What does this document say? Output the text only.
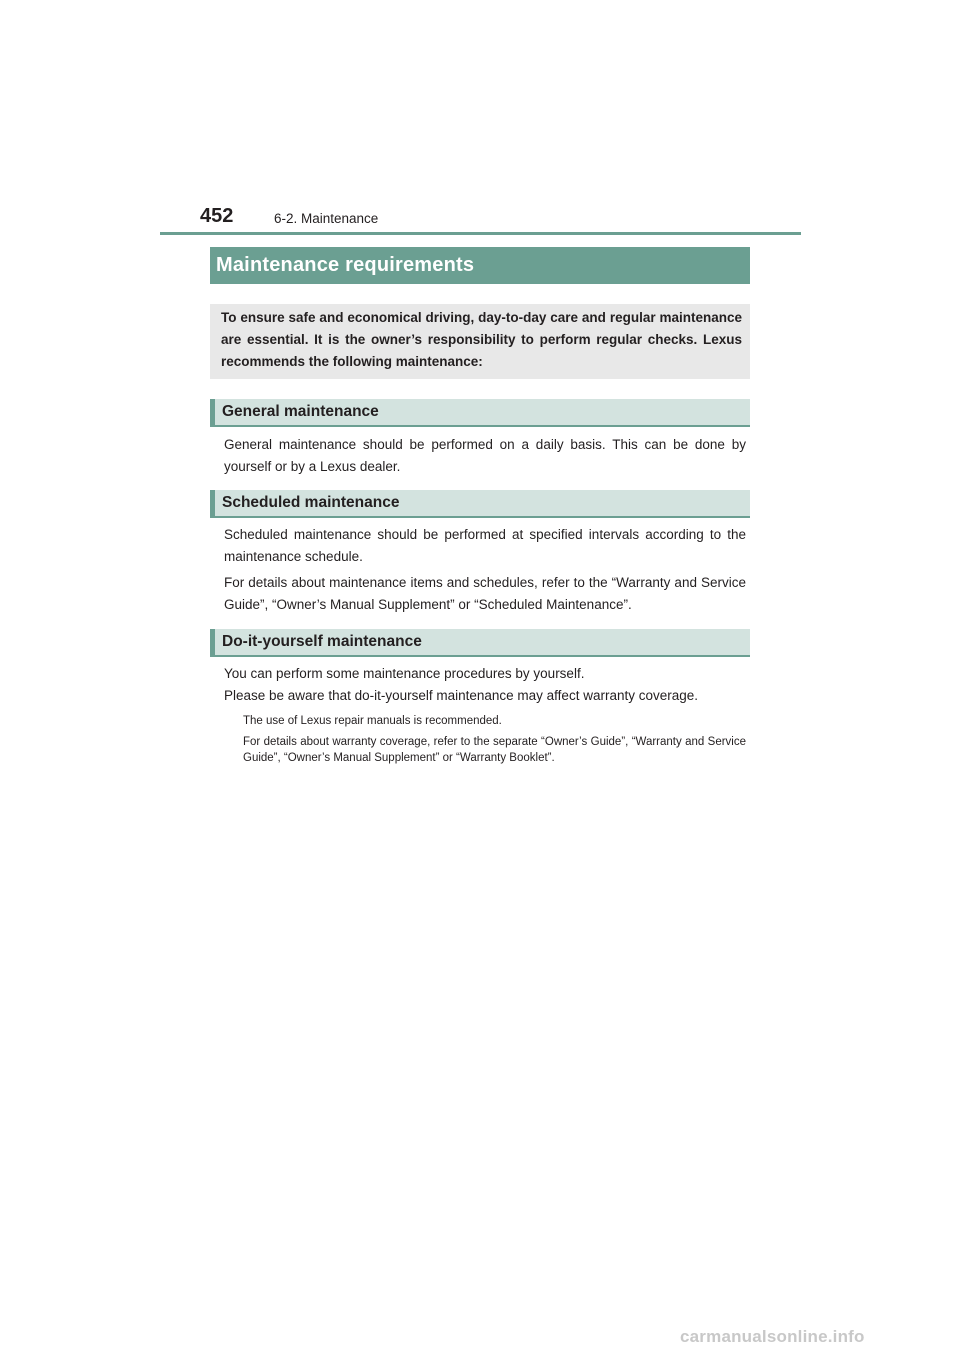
452	6-2. Maintenance
Maintenance requirements

To ensure safe and economical driving, day-to-day care and regular maintenance are essential. It is the owner’s responsibility to perform regular checks. Lexus recommends the following maintenance:

General maintenance

General maintenance should be performed on a daily basis. This can be done by yourself or by a Lexus dealer.

Scheduled maintenance

Scheduled maintenance should be performed at specified intervals according to the maintenance schedule.

For details about maintenance items and schedules, refer to the “Warranty and Service Guide”, “Owner’s Manual Supplement” or “Scheduled Maintenance”.

Do-it-yourself maintenance

You can perform some maintenance procedures by yourself.

Please be aware that do-it-yourself maintenance may affect warranty coverage.

The use of Lexus repair manuals is recommended.

For details about warranty coverage, refer to the separate “Owner’s Guide”, “Warranty and Service Guide”, “Owner’s Manual Supplement” or “Warranty Booklet”.

carmanualsonline.info
